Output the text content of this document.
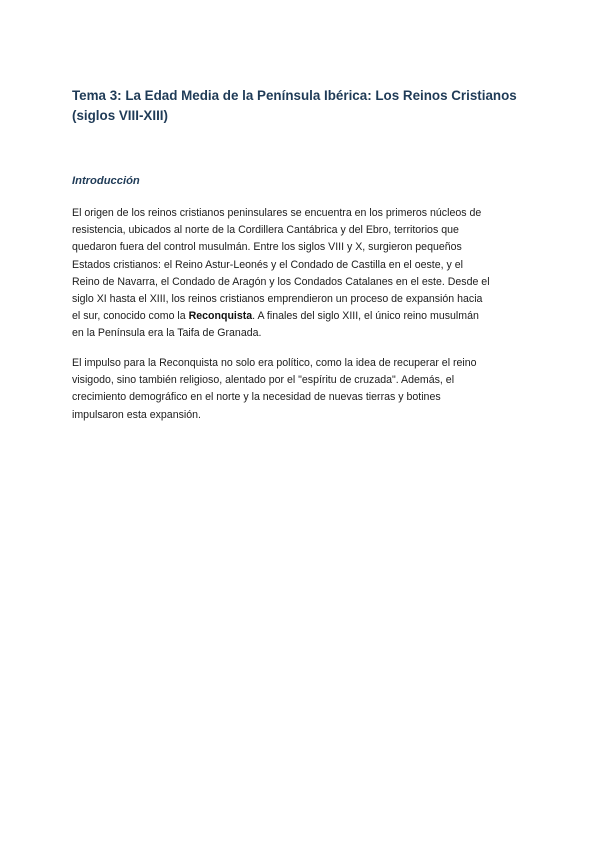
Tema 3: La Edad Media de la Península Ibérica: Los Reinos Cristianos
(siglos VIII-XIII)
Introducción

El origen de los reinos cristianos peninsulares se encuentra en los primeros núcleos de
resistencia, ubicados al norte de la Cordillera Cantábrica y del Ebro, territorios que
quedaron fuera del control musulmán. Entre los siglos VIII y X, surgieron pequeños
Estados cristianos: el Reino Astur-Leonés y el Condado de Castilla en el oeste, y el
Reino de Navarra, el Condado de Aragón y los Condados Catalanes en el este. Desde el
siglo XI hasta el XIII, los reinos cristianos emprendieron un proceso de expansión hacia
el sur, conocido como la Reconquista. A finales del siglo XIII, el único reino musulmán
en la Península era la Taifa de Granada.

El impulso para la Reconquista no solo era político, como la idea de recuperar el reino
visigodo, sino también religioso, alentado por el "espíritu de cruzada". Además, el
crecimiento demográfico en el norte y la necesidad de nuevas tierras y botines
impulsaron esta expansión.
